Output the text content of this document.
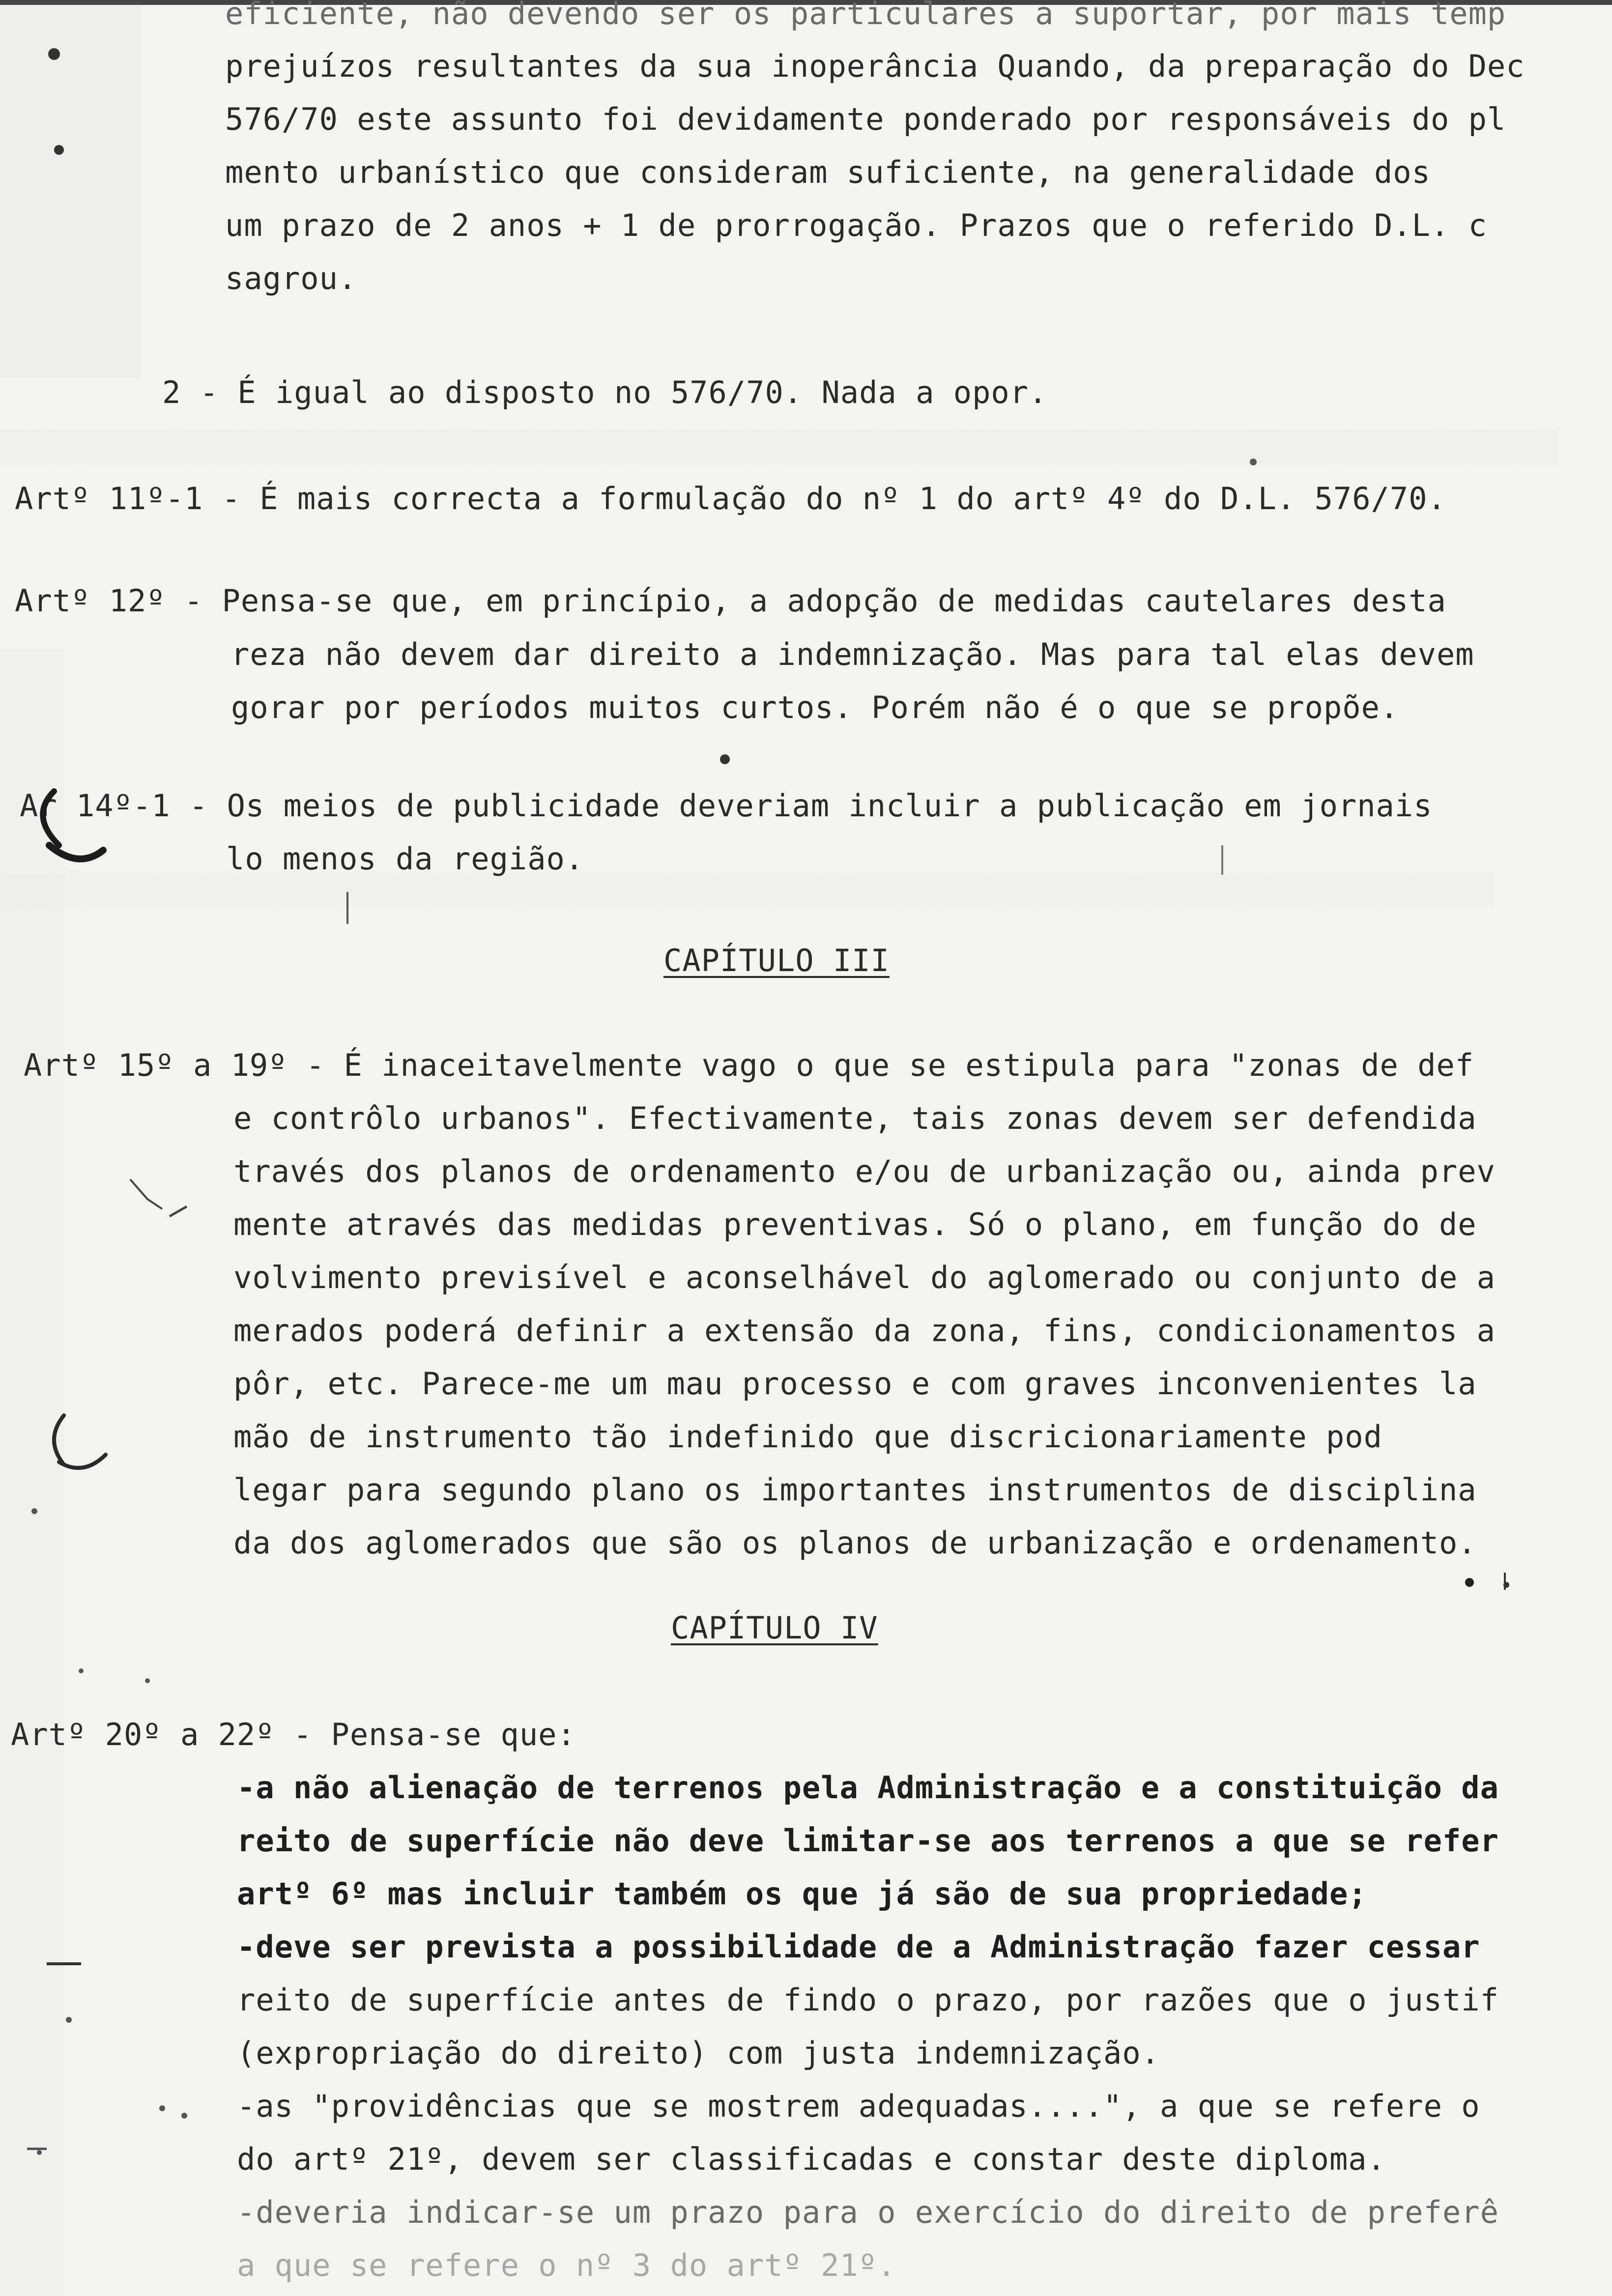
eficiente, não devendo ser os particulares a suportar, por mais temp
prejuízos resultantes da sua inoperância Quando, da preparação do Dec
576/70 este assunto foi devidamente ponderado por responsáveis do pl
mento urbanístico que consideram suficiente, na generalidade dos
um prazo de 2 anos + 1 de prorrogação. Prazos que o referido D.L. c
sagrou.
2 - É igual ao disposto no 576/70. Nada a opor.
Artº 11º-1 - É mais correcta a formulação do nº 1 do artº 4º do D.L. 576/70.
Artº 12º - Pensa-se que, em princípio, a adopção de medidas cautelares desta
reza não devem dar direito a indemnização. Mas para tal elas devem
gorar por períodos muitos curtos. Porém não é o que se propõe.
Ar 14º-1 - Os meios de publicidade deveriam incluir a publicação em jornais
lo menos da região.
CAPÍTULO III
Artº 15º a 19º - É inaceitavelmente vago o que se estipula para "zonas de def
e contrôlo urbanos". Efectivamente, tais zonas devem ser defendida
través dos planos de ordenamento e/ou de urbanização ou, ainda prev
mente através das medidas preventivas. Só o plano, em função do de
volvimento previsível e aconselhável do aglomerado ou conjunto de a
merados poderá definir a extensão da zona, fins, condicionamentos a
pôr, etc. Parece-me um mau processo e com graves inconvenientes la
mão de instrumento tão indefinido que discricionariamente pod
legar para segundo plano os importantes instrumentos de disciplina
da dos aglomerados que são os planos de urbanização e ordenamento.
CAPÍTULO IV
Artº 20º a 22º - Pensa-se que:
-a não alienação de terrenos pela Administração e a constituição da
reito de superfície não deve limitar-se aos terrenos a que se refer
artº 6º mas incluir também os que já são de sua propriedade;
-deve ser prevista a possibilidade de a Administração fazer cessar
reito de superfície antes de findo o prazo, por razões que o justif
(expropriação do direito) com justa indemnização.
-as "providências que se mostrem adequadas....", a que se refere o
do artº 21º, devem ser classificadas e constar deste diploma.
-deveria indicar-se um prazo para o exercício do direito de preferê
a que se refere o nº 3 do artº 21º.
